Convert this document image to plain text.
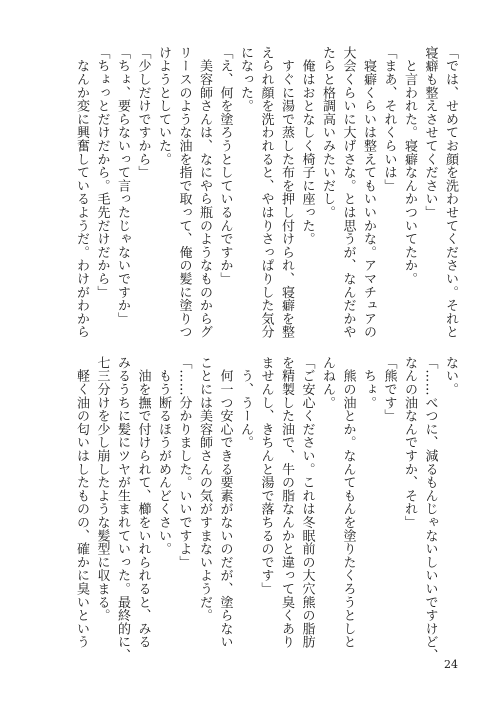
「では、せめてお顔を洗わせてください。それと

寝癖も整えさせてください」

　と言われた。寝癖なんかついてたか。

「まあ、それくらいは」

　寝癖くらいは整えてもいいかな。アマチュアの

大会くらいに大げさな。とは思うが、なんだかや

たらと格調高いみたいだし。

　俺はおとなしく椅子に座った。

　すぐに湯で蒸した布を押し付けられ、寝癖を整

えられ顔を洗われると、やはりさっぱりした気分

になった。

「え、何を塗ろうとしているんですか」

　美容師さんは、なにやら瓶のようなものからグ

リースのような油を指で取って、俺の髪に塗りつ

けようとしていた。

「少しだけですから」

「ちょ、要らないって言ったじゃないですか」

「ちょっとだけだから。毛先だけだから」

　なんか変に興奮しているようだ。わけがわから

ない。

「……べつに、減るもんじゃないしいいですけど、

なんの油なんですか、それ」

「熊です」

　ちょ。

　熊の油とか。なんてもんを塗りたくろうとしと

んねん。

「ご安心ください。これは冬眠前の大穴熊の脂肪

を精製した油で、牛の脂なんかと違って臭くあり

ませんし、きちんと湯で落ちるのです」

　う、うーん。

　何一つ安心できる要素がないのだが、塗らない

ことには美容師さんの気がすまないようだ。

「……分かりました。いいですよ」

　もう断るほうがめんどくさい。

　油を撫で付けられて、櫛をいれられると、みる

みるうちに髪にツヤが生まれていった。最終的に、

七三分けを少し崩したような髪型に収まる。

　軽く油の匂いはしたものの、確かに臭いという

24
